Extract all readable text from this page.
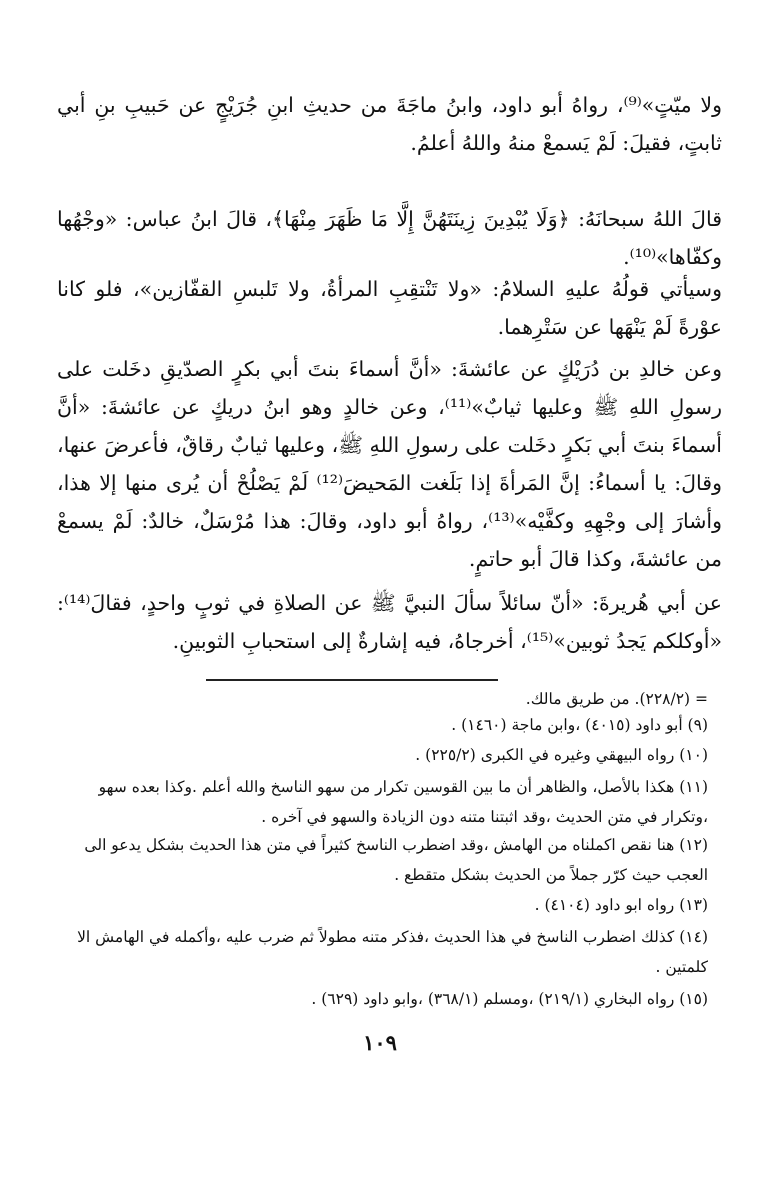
ولا ميّتٍ»⁽⁹⁾، رواهُ أبو داود، وابنُ ماجَةَ من حديثِ ابنِ جُرَيْجٍ عن حَبيبِ بنِ أبي ثابتٍ، فقيلَ: لَمْ يَسمعْ منهُ واللهُ أعلمُ.

قالَ اللهُ سبحانَهُ: ﴿وَلَا يُبْدِينَ زِينَتَهُنَّ إِلَّا مَا ظَهَرَ مِنْهَا﴾، قالَ ابنُ عباس: «وجْهُها وكفّاها»⁽¹⁰⁾.

وسيأتي قولُهُ عليهِ السلامُ: «ولا تَنْتقِبِ المرأةُ، ولا تَلبسِ القفّازين»، فلو كانا عوْرةً لَمْ يَنْهَها عن سَتْرِهما.

وعن خالدِ بن دُرَيْكٍ عن عائشةَ: «أنَّ أسماءَ بنتَ أبي بكرٍ الصدّيقِ دخَلت على رسولِ اللهِ ﷺ وعليها ثيابٌ»⁽¹¹⁾، وعن خالدٍ وهو ابنُ دريكٍ عن عائشةَ: «أنَّ أسماءَ بنتَ أبي بَكرٍ دخَلت على رسولِ اللهِ ﷺ، وعليها ثيابٌ رقاقٌ، فأعرضَ عنها، وقالَ: يا أسماءُ: إنَّ المَرأةَ إذا بَلَغت المَحيضَ⁽¹²⁾ لَمْ يَصْلُحْ أن يُرى منها إلا هذا، وأشارَ إلى وجْهِهِ وكفَّيْه»⁽¹³⁾، رواهُ أبو داود، وقالَ: هذا مُرْسَلٌ، خالدٌ: لَمْ يسمعْ من عائشةَ، وكذا قالَ أبو حاتمٍ.

عن أبي هُريرةَ: «أنّ سائلاً سألَ النبيَّ ﷺ عن الصلاةِ في ثوبٍ واحدٍ، فقالَ⁽¹⁴⁾: «أوكلكم يَجدُ ثوبين»⁽¹⁵⁾، أخرجاهُ، فيه إشارةٌ إلى استحبابِ الثوبينِ.

= (٢٢٨/٢). من طريق مالك.

(٩) أبو داود (٤٠١٥) ،وابن ماجة (١٤٦٠) .

(١٠) رواه البيهقي وغيره في الكبرى (٢٢٥/٢) .

(١١) هكذا بالأصل، والظاهر أن ما بين القوسين تكرار من سهو الناسخ والله أعلم .وكذا بعده سهو ،وتكرار في متن الحديث ،وقد اثبتنا متنه دون الزيادة والسهو في آخره .

(١٢) هنا نقص اكملناه من الهامش ،وقد اضطرب الناسخ كثيراً في متن هذا الحديث بشكل يدعو الى العجب حيث كرّر جملاً من الحديث بشكل متقطع .

(١٣) رواه ابو داود (٤١٠٤) .

(١٤) كذلك اضطرب الناسخ في هذا الحديث ،فذكر متنه مطولاً ثم ضرب عليه ،وأكمله في الهامش الا كلمتين .

(١٥) رواه البخاري (٢١٩/١) ،ومسلم (٣٦٨/١) ،وابو داود (٦٢٩) .

١٠٩
